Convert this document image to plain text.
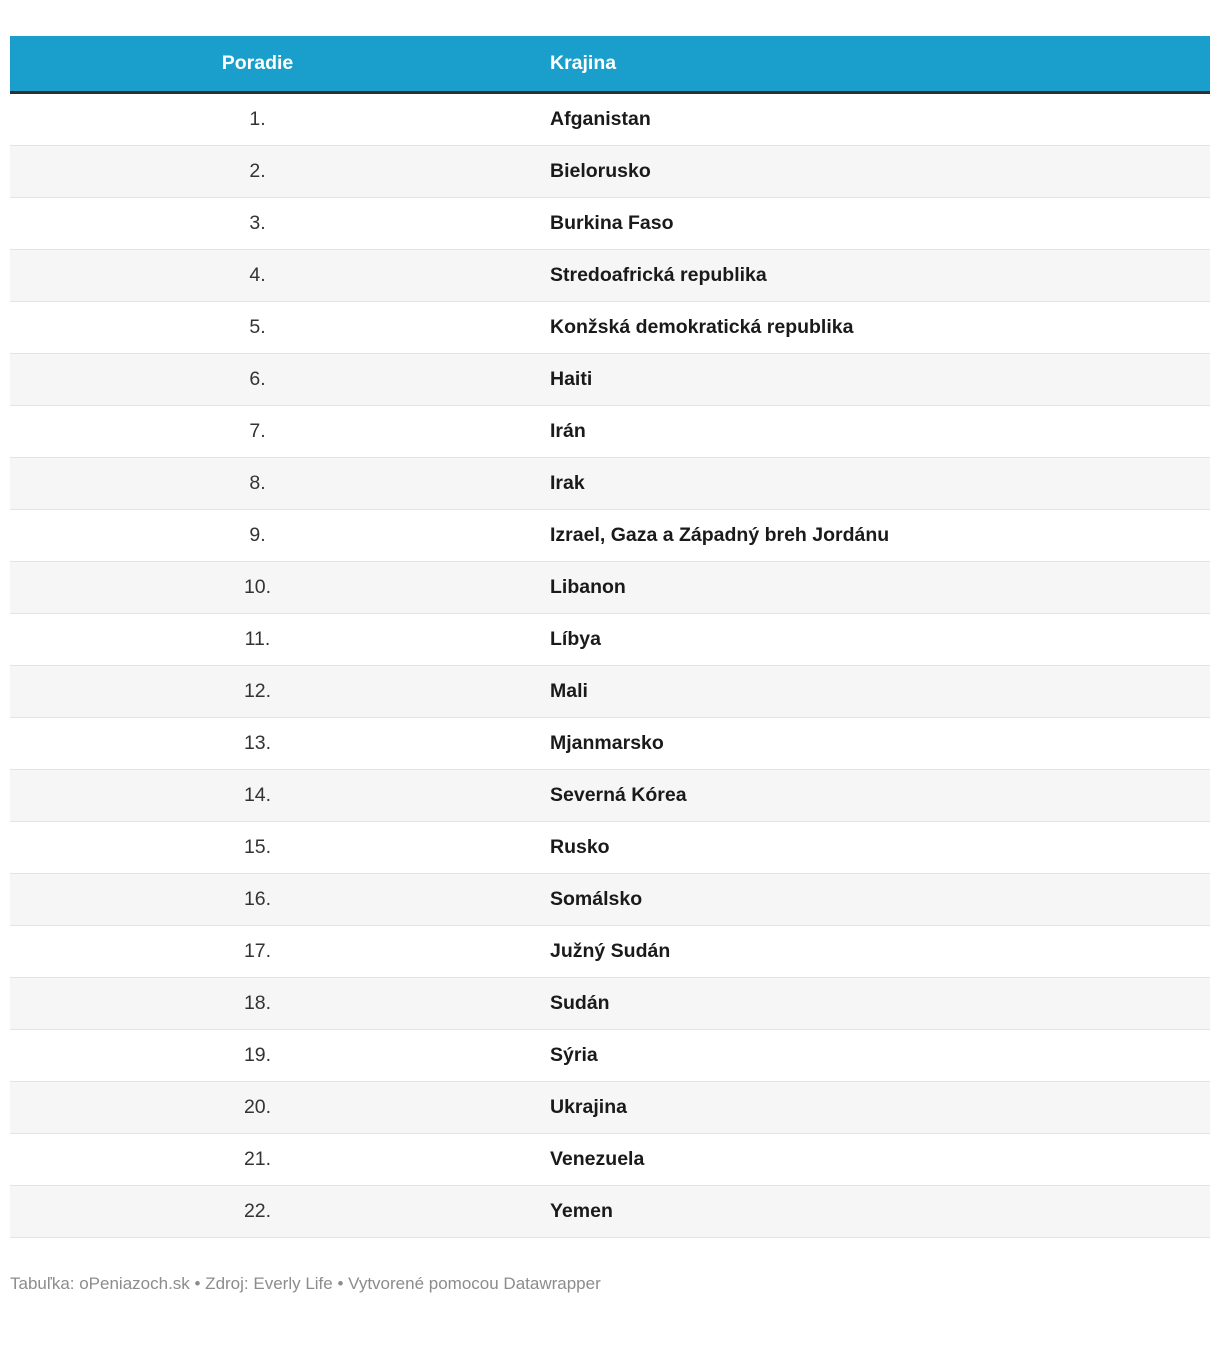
Poradie	Krajina
1.	Afganistan
2.	Bielorusko
3.	Burkina Faso
4.	Stredoafrická republika
5.	Konžská demokratická republika
6.	Haiti
7.	Irán
8.	Irak
9.	Izrael, Gaza a Západný breh Jordánu
10.	Libanon
11.	Líbya
12.	Mali
13.	Mjanmarsko
14.	Severná Kórea
15.	Rusko
16.	Somálsko
17.	Južný Sudán
18.	Sudán
19.	Sýria
20.	Ukrajina
21.	Venezuela
22.	Yemen
Tabuľka: oPeniazoch.sk • Zdroj: Everly Life • Vytvorené pomocou Datawrapper
